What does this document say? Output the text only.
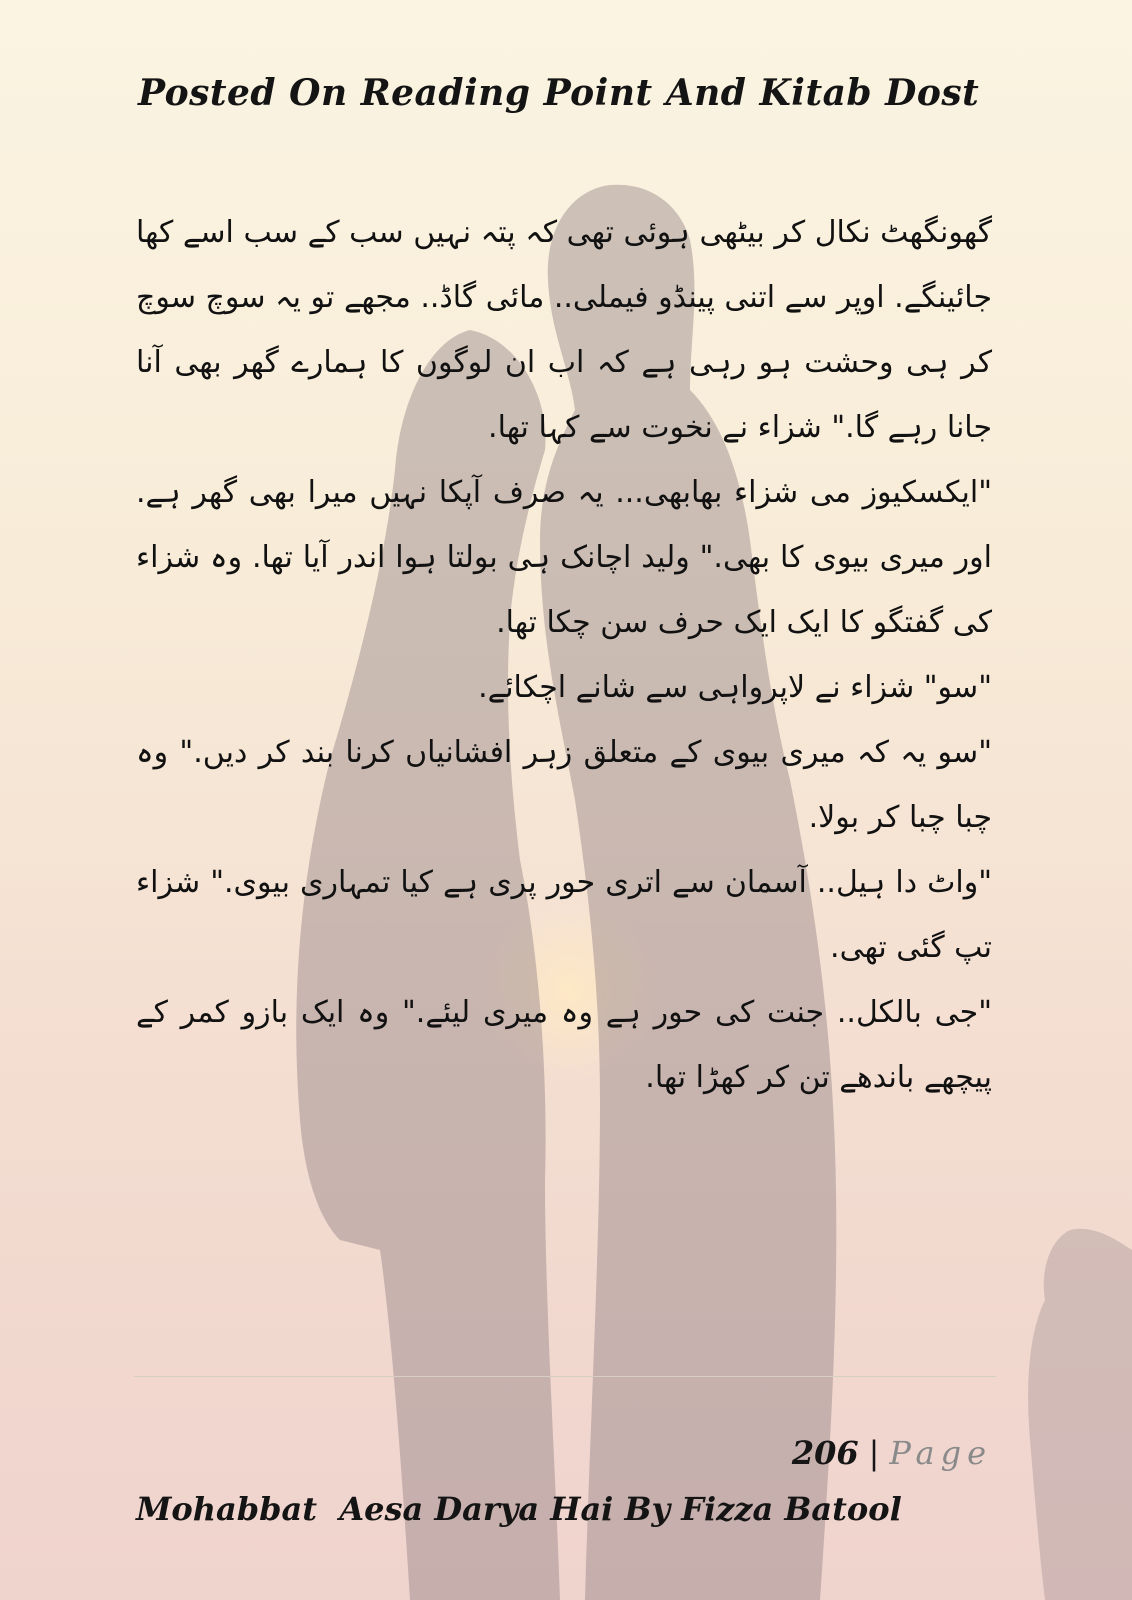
Posted On Reading Point And Kitab Dost

گھونگھٹ نکال کر بیٹھی ہوئی تھی کہ پتہ نہیں سب کے سب اسے کھا جائینگے. اوپر سے اتنی پینڈو فیملی.. مائی گاڈ.. مجھے تو یہ سوچ سوچ کر ہی وحشت ہو رہی ہے کہ اب ان لوگوں کا ہمارے گھر بھی آنا جانا رہے گا." شزاء نے نخوت سے کہا تھا.

"ایکسکیوز می شزاء بھابھی... یہ صرف آپکا نہیں میرا بھی گھر ہے. اور میری بیوی کا بھی." ولید اچانک ہی بولتا ہوا اندر آیا تھا. وہ شزاء کی گفتگو کا ایک ایک حرف سن چکا تھا.

"سو" شزاء نے لاپرواہی سے شانے اچکائے.

"سو یہ کہ میری بیوی کے متعلق زہر افشانیاں کرنا بند کر دیں." وہ چبا چبا کر بولا.

"واٹ دا ہیل.. آسمان سے اتری حور پری ہے کیا تمہاری بیوی." شزاء تپ گئی تھی.

"جی بالکل.. جنت کی حور ہے وہ میری لیئے." وہ ایک بازو کمر کے پیچھے باندھے تن کر کھڑا تھا.

206 | Page
Mohabbat  Aesa Darya Hai By Fizza Batool
